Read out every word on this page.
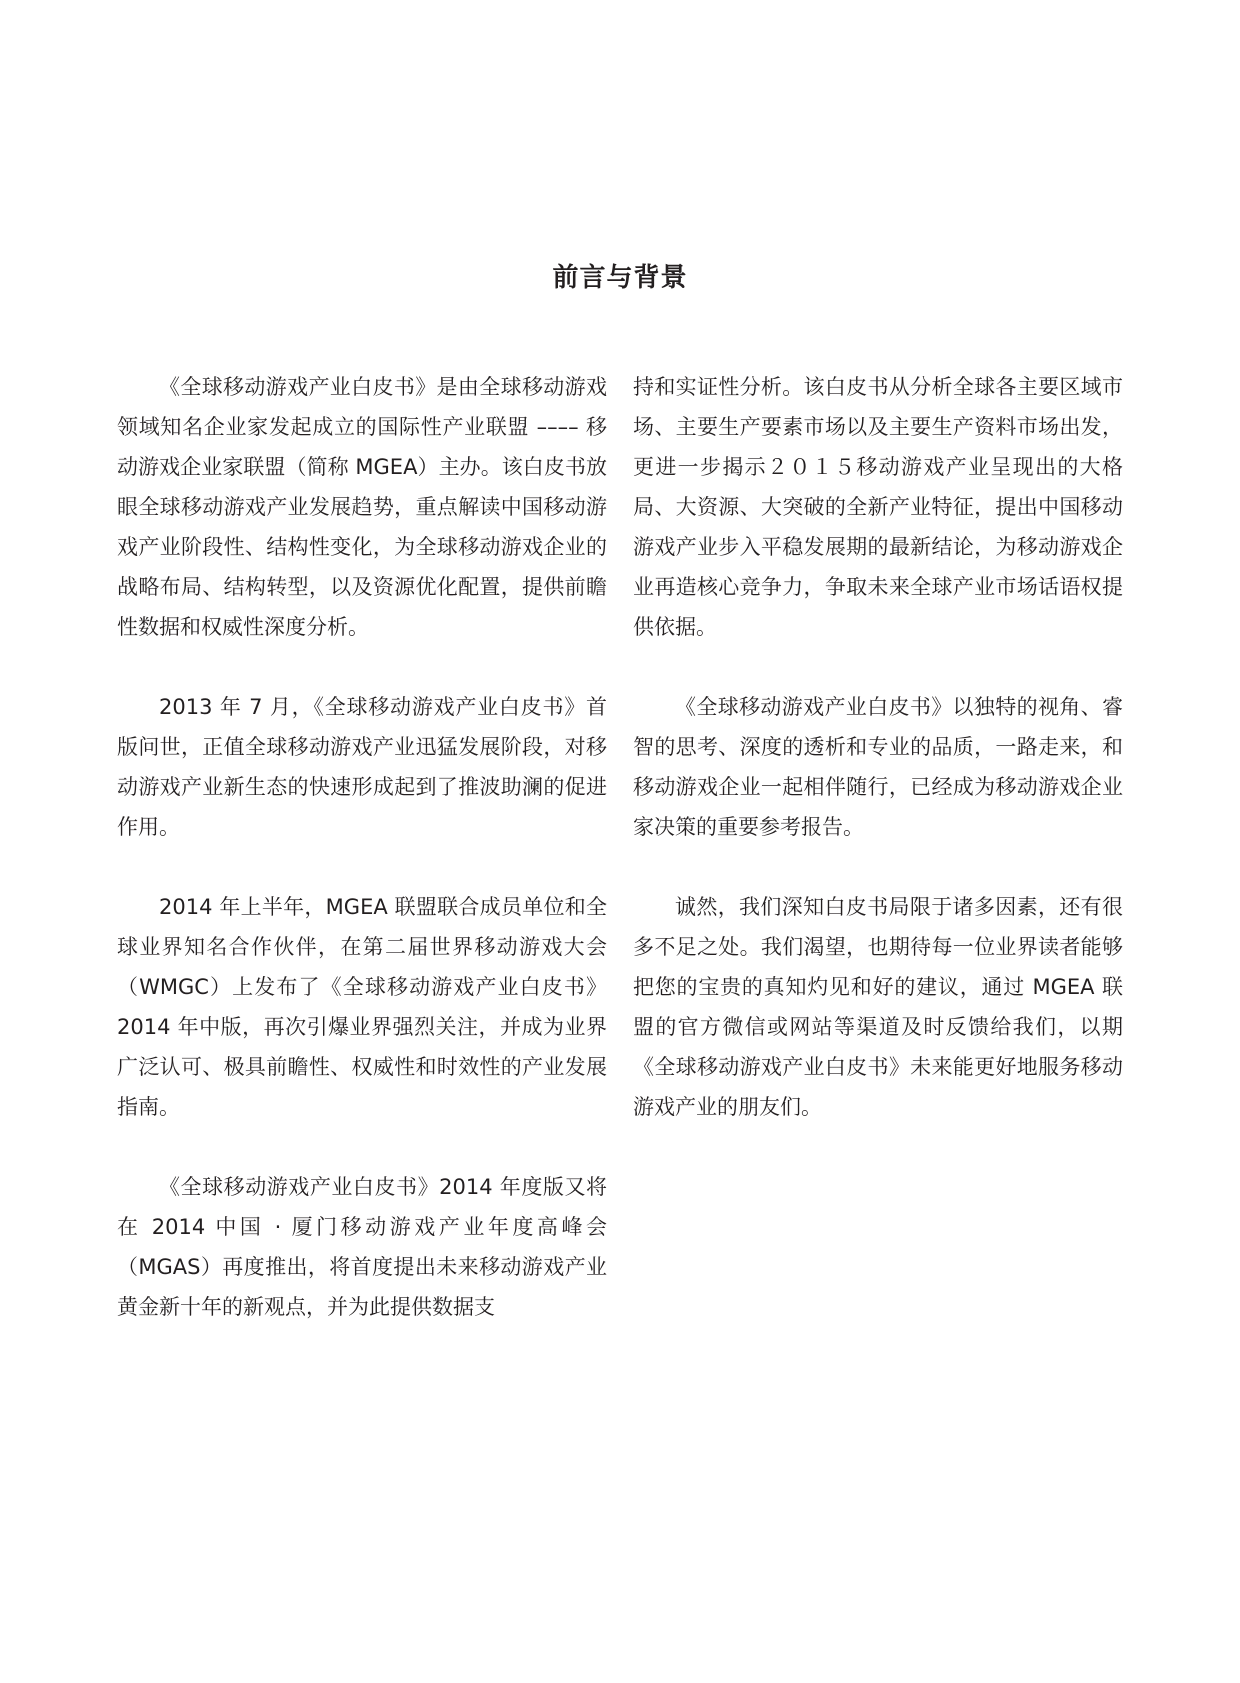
前言与背景

《全球移动游戏产业白皮书》是由全球移动游戏领域知名企业家发起成立的国际性产业联盟 –––– 移动游戏企业家联盟（简称 MGEA）主办。该白皮书放眼全球移动游戏产业发展趋势，重点解读中国移动游戏产业阶段性、结构性变化，为全球移动游戏企业的战略布局、结构转型，以及资源优化配置，提供前瞻性数据和权威性深度分析。

2013 年 7 月，《全球移动游戏产业白皮书》首版问世，正值全球移动游戏产业迅猛发展阶段，对移动游戏产业新生态的快速形成起到了推波助澜的促进作用。

2014 年上半年，MGEA 联盟联合成员单位和全球业界知名合作伙伴，在第二届世界移动游戏大会（WMGC）上发布了《全球移动游戏产业白皮书》2014 年中版，再次引爆业界强烈关注，并成为业界广泛认可、极具前瞻性、权威性和时效性的产业发展指南。

《全球移动游戏产业白皮书》2014 年度版又将在 2014 中国 · 厦门移动游戏产业年度高峰会（MGAS）再度推出，将首度提出未来移动游戏产业黄金新十年的新观点，并为此提供数据支

持和实证性分析。该白皮书从分析全球各主要区域市场、主要生产要素市场以及主要生产资料市场出发，更进一步揭示２０１５移动游戏产业呈现出的大格局、大资源、大突破的全新产业特征，提出中国移动游戏产业步入平稳发展期的最新结论，为移动游戏企业再造核心竞争力，争取未来全球产业市场话语权提供依据。

《全球移动游戏产业白皮书》以独特的视角、睿智的思考、深度的透析和专业的品质，一路走来，和移动游戏企业一起相伴随行，已经成为移动游戏企业家决策的重要参考报告。

诚然，我们深知白皮书局限于诸多因素，还有很多不足之处。我们渴望，也期待每一位业界读者能够把您的宝贵的真知灼见和好的建议，通过 MGEA 联盟的官方微信或网站等渠道及时反馈给我们，以期《全球移动游戏产业白皮书》未来能更好地服务移动游戏产业的朋友们。
